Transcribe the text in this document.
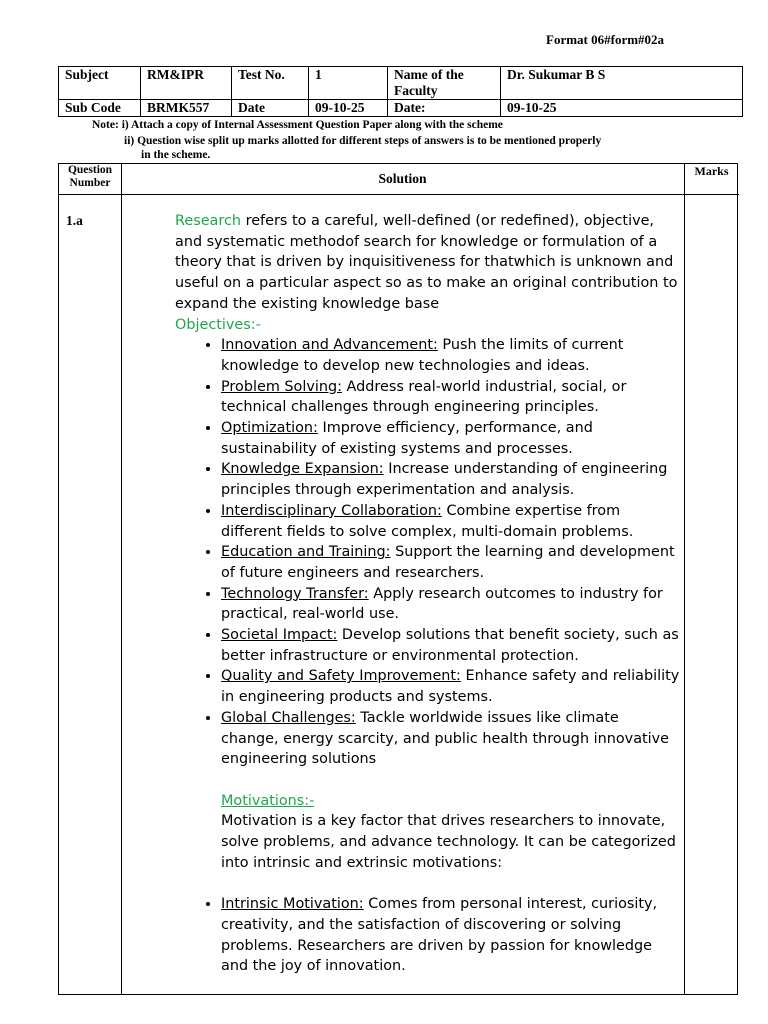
Format 06#form#02a
Subject	RM&IPR	Test No.	1	Name of the Faculty	Dr. Sukumar B S
Sub Code	BRMK557	Date	09-10-25	Date:	09-10-25
Note: i) Attach a copy of Internal Assessment Question Paper along with the scheme
ii) Question wise split up marks allotted for different steps of answers is to be mentioned properly
in the scheme.
Question Number	Solution	Marks
1.a	Research refers to a careful, well-defined (or redefined), objective, and systematic methodof search for knowledge or formulation of a theory that is driven by inquisitiveness for thatwhich is unknown and useful on a particular aspect so as to make an original contribution to expand the existing knowledge base

Objectives:-

• Innovation and Advancement: Push the limits of current knowledge to develop new technologies and ideas.
• Problem Solving: Address real-world industrial, social, or technical challenges through engineering principles.
• Optimization: Improve efficiency, performance, and sustainability of existing systems and processes.
• Knowledge Expansion: Increase understanding of engineering principles through experimentation and analysis.
• Interdisciplinary Collaboration: Combine expertise from different fields to solve complex, multi-domain problems.
• Education and Training: Support the learning and development of future engineers and researchers.
• Technology Transfer: Apply research outcomes to industry for practical, real-world use.
• Societal Impact: Develop solutions that benefit society, such as better infrastructure or environmental protection.
• Quality and Safety Improvement: Enhance safety and reliability in engineering products and systems.
• Global Challenges: Tackle worldwide issues like climate change, energy scarcity, and public health through innovative engineering solutions

Motivations:-

Motivation is a key factor that drives researchers to innovate, solve problems, and advance technology. It can be categorized into intrinsic and extrinsic motivations:

• Intrinsic Motivation: Comes from personal interest, curiosity, creativity, and the satisfaction of discovering or solving problems. Researchers are driven by passion for knowledge and the joy of innovation.
